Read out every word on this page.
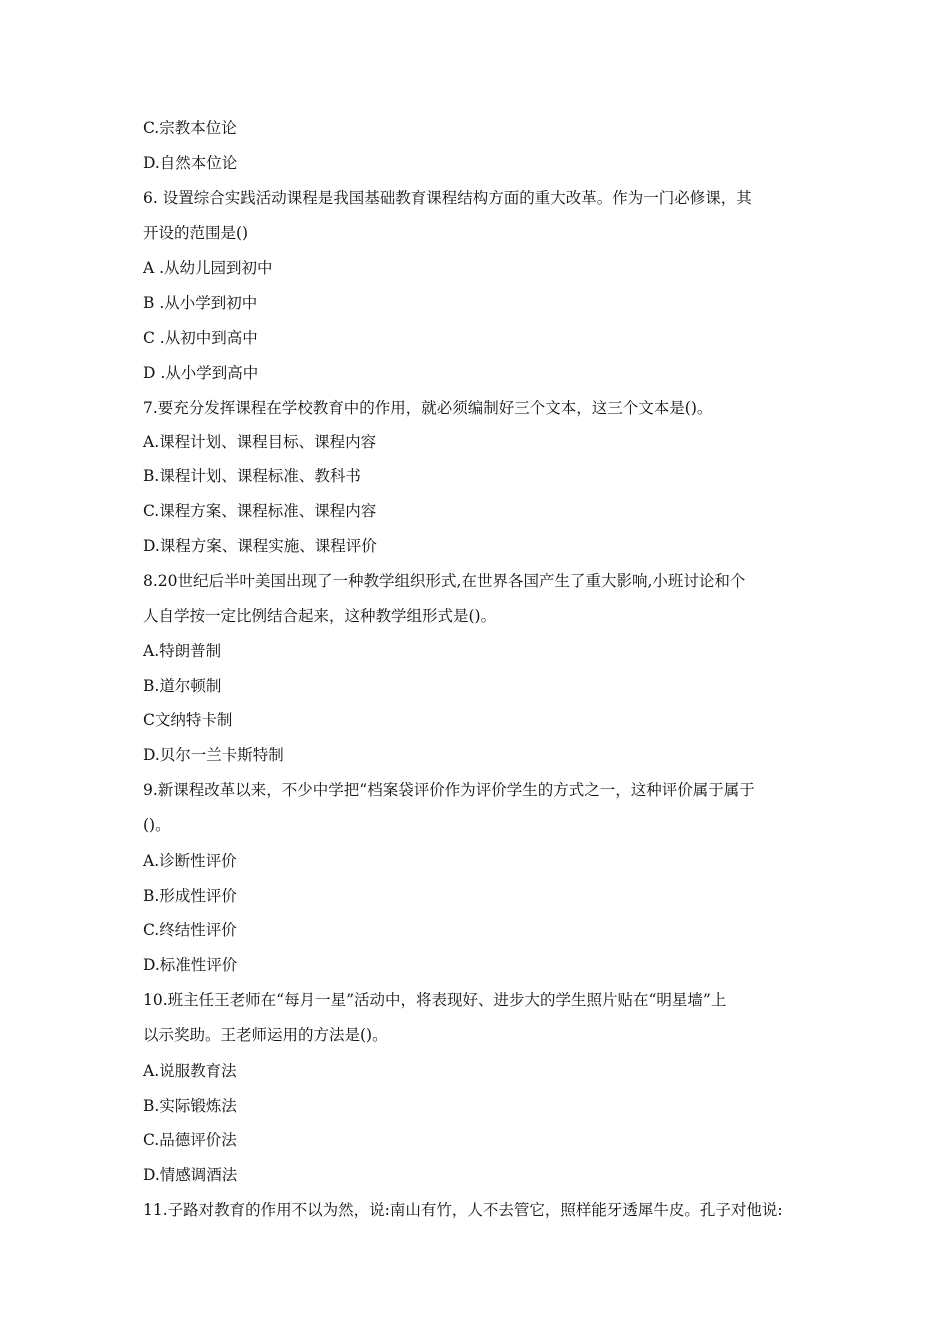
C.宗教本位论
D.自然本位论
6. 设置综合实践活动课程是我国基础教育课程结构方面的重大改革。作为一门必修课，其
开设的范围是()
A .从幼儿园到初中
B .从小学到初中
C .从初中到高中
D .从小学到高中
7.要充分发挥课程在学校教育中的作用，就必须编制好三个文本，这三个文本是()。
A.课程计划、课程目标、课程内容
B.课程计划、课程标准、教科书
C.课程方案、课程标准、课程内容
D.课程方案、课程实施、课程评价
8.20世纪后半叶美国出现了一种教学组织形式,在世界各国产生了重大影响,小班讨论和个
人自学按一定比例结合起来，这种教学组形式是()。
A.特朗普制
B.道尔顿制
C文纳特卡制
D.贝尔一兰卡斯特制
9.新课程改革以来，不少中学把“档案袋评价作为评价学生的方式之一，这种评价属于属于
()。
A.诊断性评价
B.形成性评价
C.终结性评价
D.标准性评价
10.班主任王老师在“每月一星”活动中，将表现好、进步大的学生照片贴在“明星墙”上
以示奖助。王老师运用的方法是()。
A.说服教育法
B.实际锻炼法
C.品德评价法
D.情感调酒法
11.子路对教育的作用不以为然，说:南山有竹，人不去管它，照样能牙透犀牛皮。孔子对他说:
